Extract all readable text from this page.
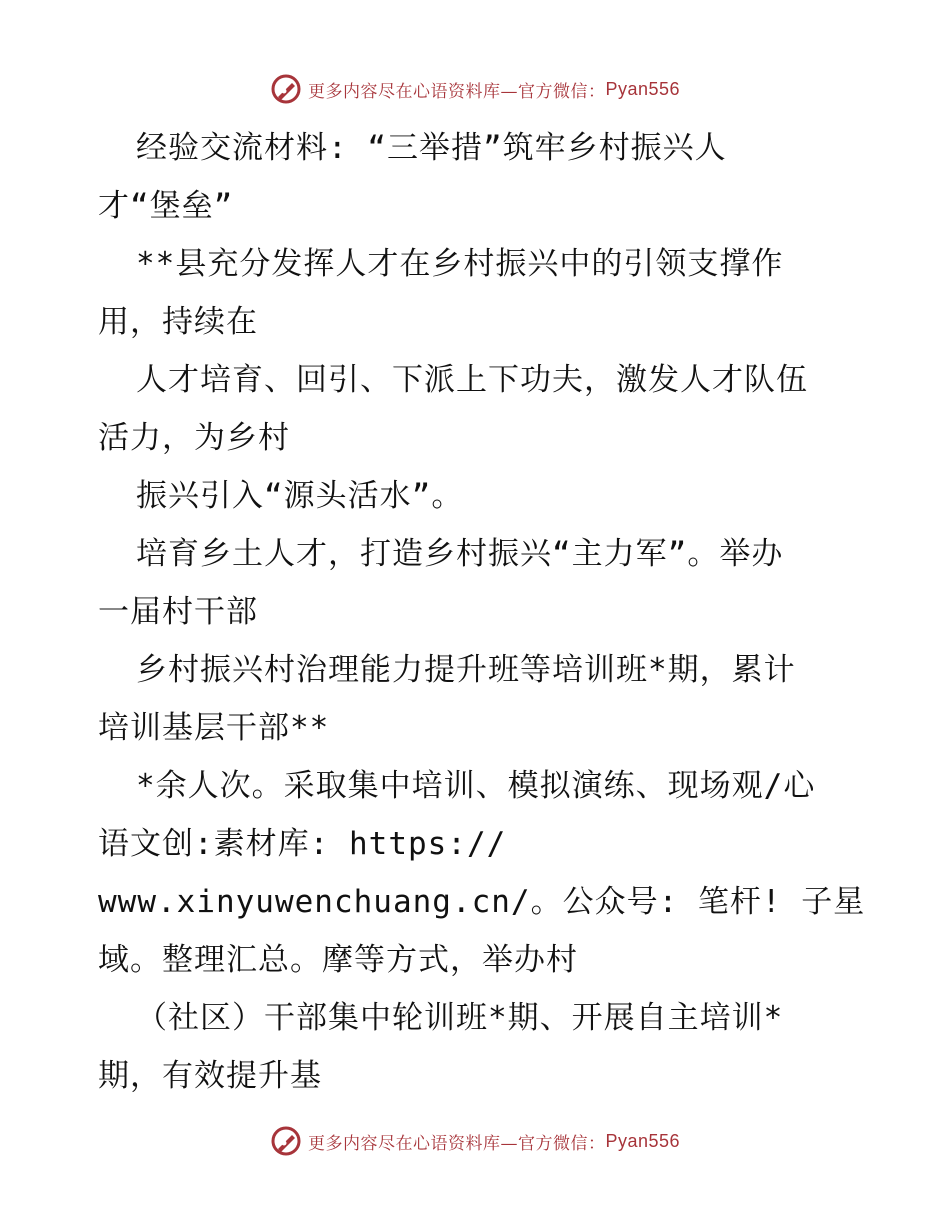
更多内容尽在心语资料库— 官方微信： Pyan556
经验交流材料: “三举措”筑牢乡村振兴人
才“堡垒”
**县充分发挥人才在乡村振兴中的引领支撑作
用，持续在
人才培育、回引、下派上下功夫，激发人才队伍
活力，为乡村
振兴引入“源头活水”。
培育乡土人才，打造乡村振兴“主力军”。举办
一届村干部
乡村振兴村治理能力提升班等培训班*期，累计
培训基层干部**
*余人次。采取集中培训、模拟演练、现场观/心
语文创:素材库: https://
www.xinyuwenchuang.cn/。公众号: 笔杆! 子星
域。整理汇总。摩等方式，举办村
（社区）干部集中轮训班*期、开展自主培训*
期，有效提升基
更多内容尽在心语资料库— 官方微信： Pyan556
